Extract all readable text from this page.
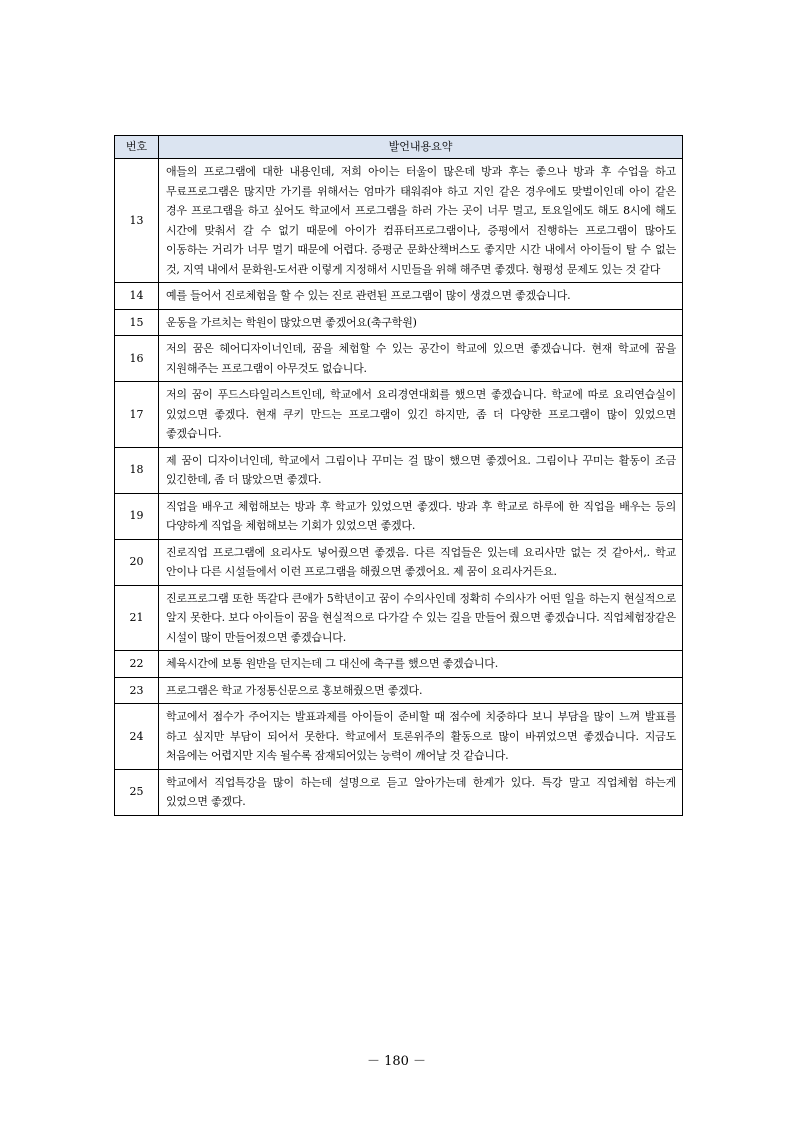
번호	발언내용요약
13	애들의 프로그램에 대한 내용인데, 저희 아이는 터울이 많은데 방과 후는 좋으나 방과 후 수업을 하고 무료프로그램은 많지만 가기를 위해서는 엄마가 태워줘야 하고 지인 같은 경우에도 맞벌이인데 아이 같은 경우 프로그램을 하고 싶어도 학교에서 프로그램을 하러 가는 곳이 너무 멀고, 토요일에도 해도 8시에 해도 시간에 맞춰서 갈 수 없기 때문에 아이가 컴퓨터프로그램이나, 증평에서 진행하는 프로그램이 많아도 이동하는 거리가 너무 멀기 때문에 어렵다. 증평군 문화산책버스도 좋지만 시간 내에서 아이들이 탈 수 없는 것, 지역 내에서 문화원-도서관 이렇게 지정해서 시민들을 위해 해주면 좋겠다. 형평성 문제도 있는 것 같다
14	예를 들어서 진로체험을 할 수 있는 진로 관련된 프로그램이 많이 생겼으면 좋겠습니다.
15	운동을 가르치는 학원이 많았으면 좋겠어요(축구학원)
16	저의 꿈은 헤어디자이너인데, 꿈을 체험할 수 있는 공간이 학교에 있으면 좋겠습니다. 현재 학교에 꿈을 지원해주는 프로그램이 아무것도 없습니다.
17	저의 꿈이 푸드스타일리스트인데, 학교에서 요리경연대회를 했으면 좋겠습니다. 학교에 따로 요리연습실이 있었으면 좋겠다. 현재 쿠키 만드는 프로그램이 있긴 하지만, 좀 더 다양한 프로그램이 많이 있었으면 좋겠습니다.
18	제 꿈이 디자이너인데, 학교에서 그림이나 꾸미는 걸 많이 했으면 좋겠어요. 그림이나 꾸미는 활동이 조금 있긴한데, 좀 더 많았으면 좋겠다.
19	직업을 배우고 체험해보는 방과 후 학교가 있었으면 좋겠다. 방과 후 학교로 하루에 한 직업을 배우는 등의 다양하게 직업을 체험해보는 기회가 있었으면 좋겠다.
20	진로직업 프로그램에 요리사도 넣어줬으면 좋겠음. 다른 직업들은 있는데 요리사만 없는 것 같아서,. 학교 안이나 다른 시설들에서 이런 프로그램을 해줬으면 좋겠어요. 제 꿈이 요리사거든요.
21	진로프로그램 또한 똑같다 큰애가 5학년이고 꿈이 수의사인데 정확히 수의사가 어떤 일을 하는지 현실적으로 알지 못한다. 보다 아이들이 꿈을 현실적으로 다가갈 수 있는 길을 만들어 줬으면 좋겠습니다. 직업체험장같은 시설이 많이 만들어졌으면 좋겠습니다.
22	체육시간에 보통 원반을 던지는데 그 대신에 축구를 했으면 좋겠습니다.
23	프로그램은 학교 가정통신문으로 홍보해줬으면 좋겠다.
24	학교에서 점수가 주어지는 발표과제를 아이들이 준비할 때 점수에 치중하다 보니 부담을 많이 느껴 발표를 하고 싶지만 부담이 되어서 못한다. 학교에서 토론위주의 활동으로 많이 바뀌었으면 좋겠습니다. 지금도 처음에는 어렵지만 지속 될수록 잠재되어있는 능력이 깨어날 것 같습니다.
25	학교에서 직업특강을 많이 하는데 설명으로 듣고 알아가는데 한계가 있다. 특강 말고 직업체험 하는게 있었으면 좋겠다.
－ 180 －
